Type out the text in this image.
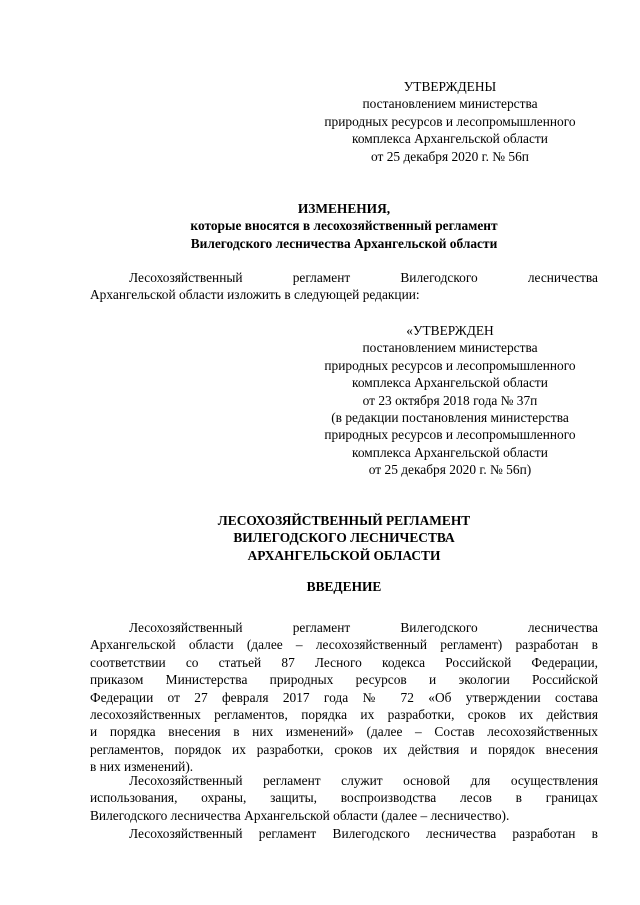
УТВЕРЖДЕНЫ
постановлением министерства
природных ресурсов и лесопромышленного
комплекса Архангельской области
от 25 декабря 2020 г. № 56п
ИЗМЕНЕНИЯ,
которые вносятся в лесохозяйственный регламент
Вилегодского лесничества Архангельской области
Лесохозяйственный регламент Вилегодского лесничества
Архангельской области изложить в следующей редакции:
«УТВЕРЖДЕН
постановлением министерства
природных ресурсов и лесопромышленного
комплекса Архангельской области
от 23 октября 2018 года № 37п
(в редакции постановления министерства
природных ресурсов и лесопромышленного
комплекса Архангельской области
от 25 декабря 2020 г. № 56п)
ЛЕСОХОЗЯЙСТВЕННЫЙ РЕГЛАМЕНТ
ВИЛЕГОДСКОГО ЛЕСНИЧЕСТВА
АРХАНГЕЛЬСКОЙ ОБЛАСТИ
ВВЕДЕНИЕ
Лесохозяйственный регламент Вилегодского лесничества
Архангельской области (далее – лесохозяйственный регламент) разработан в
соответствии со статьей 87 Лесного кодекса Российской Федерации,
приказом Министерства природных ресурсов и экологии Российской
Федерации от 27 февраля 2017 года № 72 «Об утверждении состава
лесохозяйственных регламентов, порядка их разработки, сроков их действия
и порядка внесения в них изменений» (далее – Состав лесохозяйственных
регламентов, порядок их разработки, сроков их действия и порядок внесения
в них изменений).
Лесохозяйственный регламент служит основой для осуществления
использования, охраны, защиты, воспроизводства лесов в границах
Вилегодского лесничества Архангельской области (далее – лесничество).
Лесохозяйственный регламент Вилегодского лесничества разработан в
